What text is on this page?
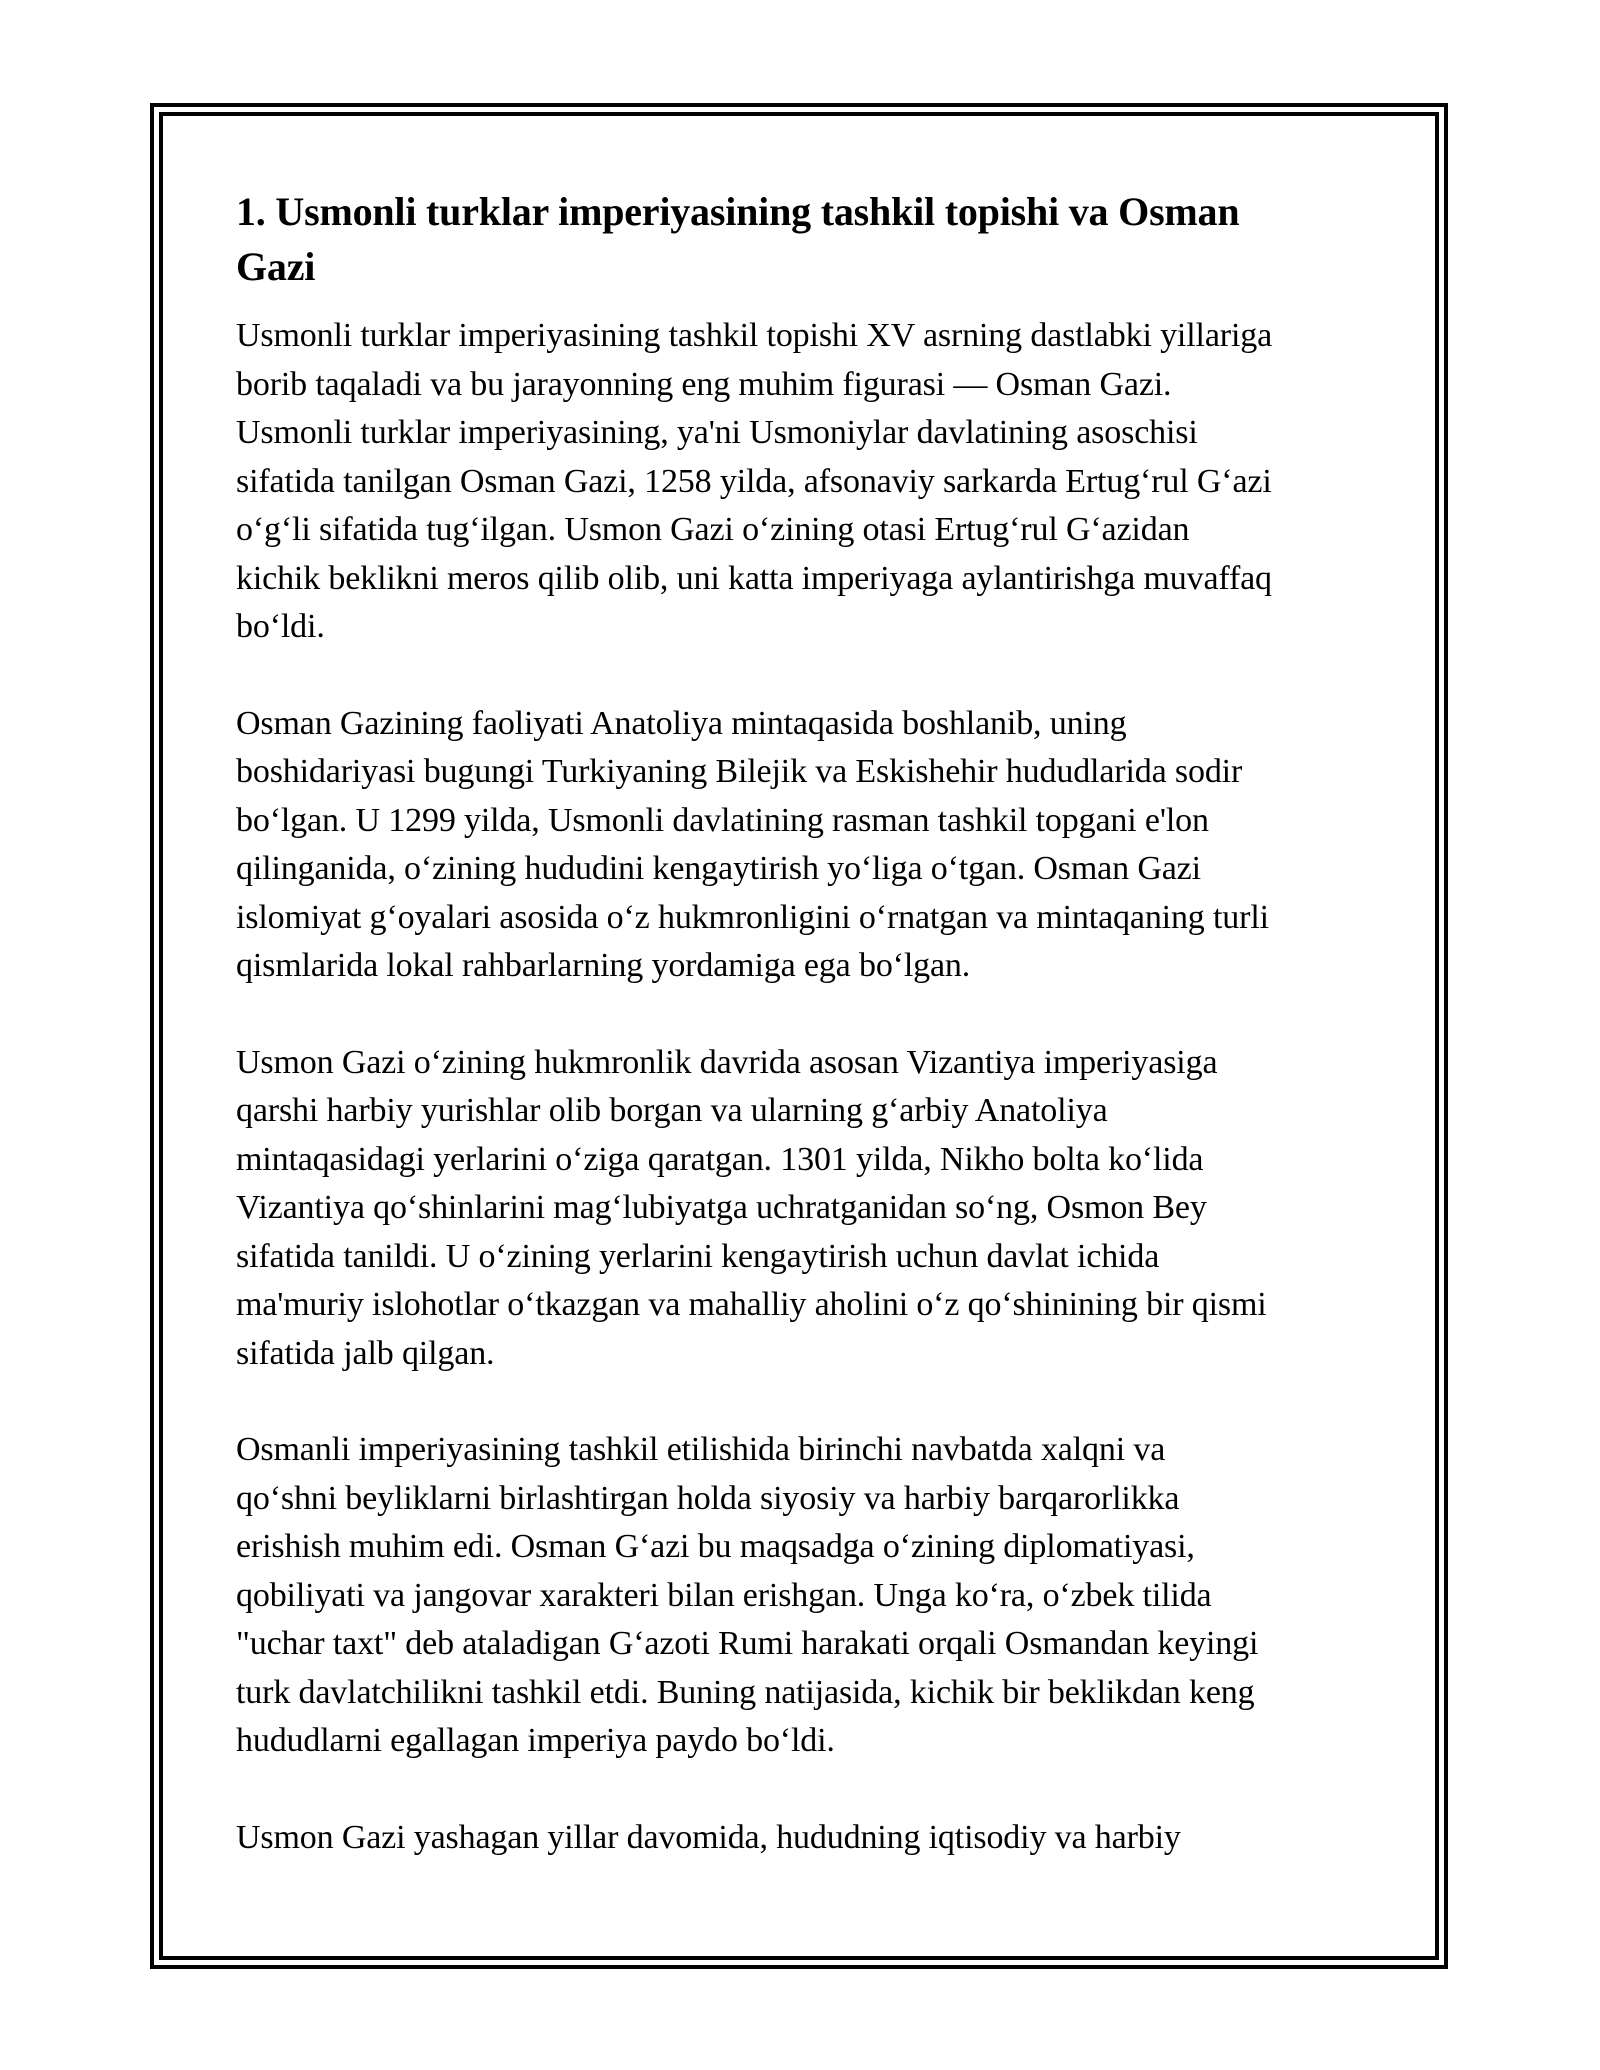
1. Usmonli turklar imperiyasining tashkil topishi va Osman
Gazi

Usmonli turklar imperiyasining tashkil topishi XV asrning dastlabki yillariga
borib taqaladi va bu jarayonning eng muhim figurasi — Osman Gazi.
Usmonli turklar imperiyasining, ya'ni Usmoniylar davlatining asoschisi
sifatida tanilgan Osman Gazi, 1258 yilda, afsonaviy sarkarda Ertugʻrul Gʻazi
oʻgʻli sifatida tugʻilgan. Usmon Gazi oʻzining otasi Ertugʻrul Gʻazidan
kichik beklikni meros qilib olib, uni katta imperiyaga aylantirishga muvaffaq
boʻldi.

Osman Gazining faoliyati Anatoliya mintaqasida boshlanib, uning
boshidariyasi bugungi Turkiyaning Bilejik va Eskishehir hududlarida sodir
boʻlgan. U 1299 yilda, Usmonli davlatining rasman tashkil topgani e'lon
qilinganida, oʻzining hududini kengaytirish yoʻliga oʻtgan. Osman Gazi
islomiyat gʻoyalari asosida oʻz hukmronligini oʻrnatgan va mintaqaning turli
qismlarida lokal rahbarlarning yordamiga ega boʻlgan.

Usmon Gazi oʻzining hukmronlik davrida asosan Vizantiya imperiyasiga
qarshi harbiy yurishlar olib borgan va ularning gʻarbiy Anatoliya
mintaqasidagi yerlarini oʻziga qaratgan. 1301 yilda, Nikho bolta koʻlida
Vizantiya qoʻshinlarini magʻlubiyatga uchratganidan soʻng, Osmon Bey
sifatida tanildi. U oʻzining yerlarini kengaytirish uchun davlat ichida
ma'muriy islohotlar oʻtkazgan va mahalliy aholini oʻz qoʻshinining bir qismi
sifatida jalb qilgan.

Osmanli imperiyasining tashkil etilishida birinchi navbatda xalqni va
qoʻshni beyliklarni birlashtirgan holda siyosiy va harbiy barqarorlikka
erishish muhim edi. Osman Gʻazi bu maqsadga oʻzining diplomatiyasi,
qobiliyati va jangovar xarakteri bilan erishgan. Unga koʻra, oʻzbek tilida
"uchar taxt" deb ataladigan Gʻazoti Rumi harakati orqali Osmandan keyingi
turk davlatchilikni tashkil etdi. Buning natijasida, kichik bir beklikdan keng
hududlarni egallagan imperiya paydo boʻldi.

Usmon Gazi yashagan yillar davomida, hududning iqtisodiy va harbiy
